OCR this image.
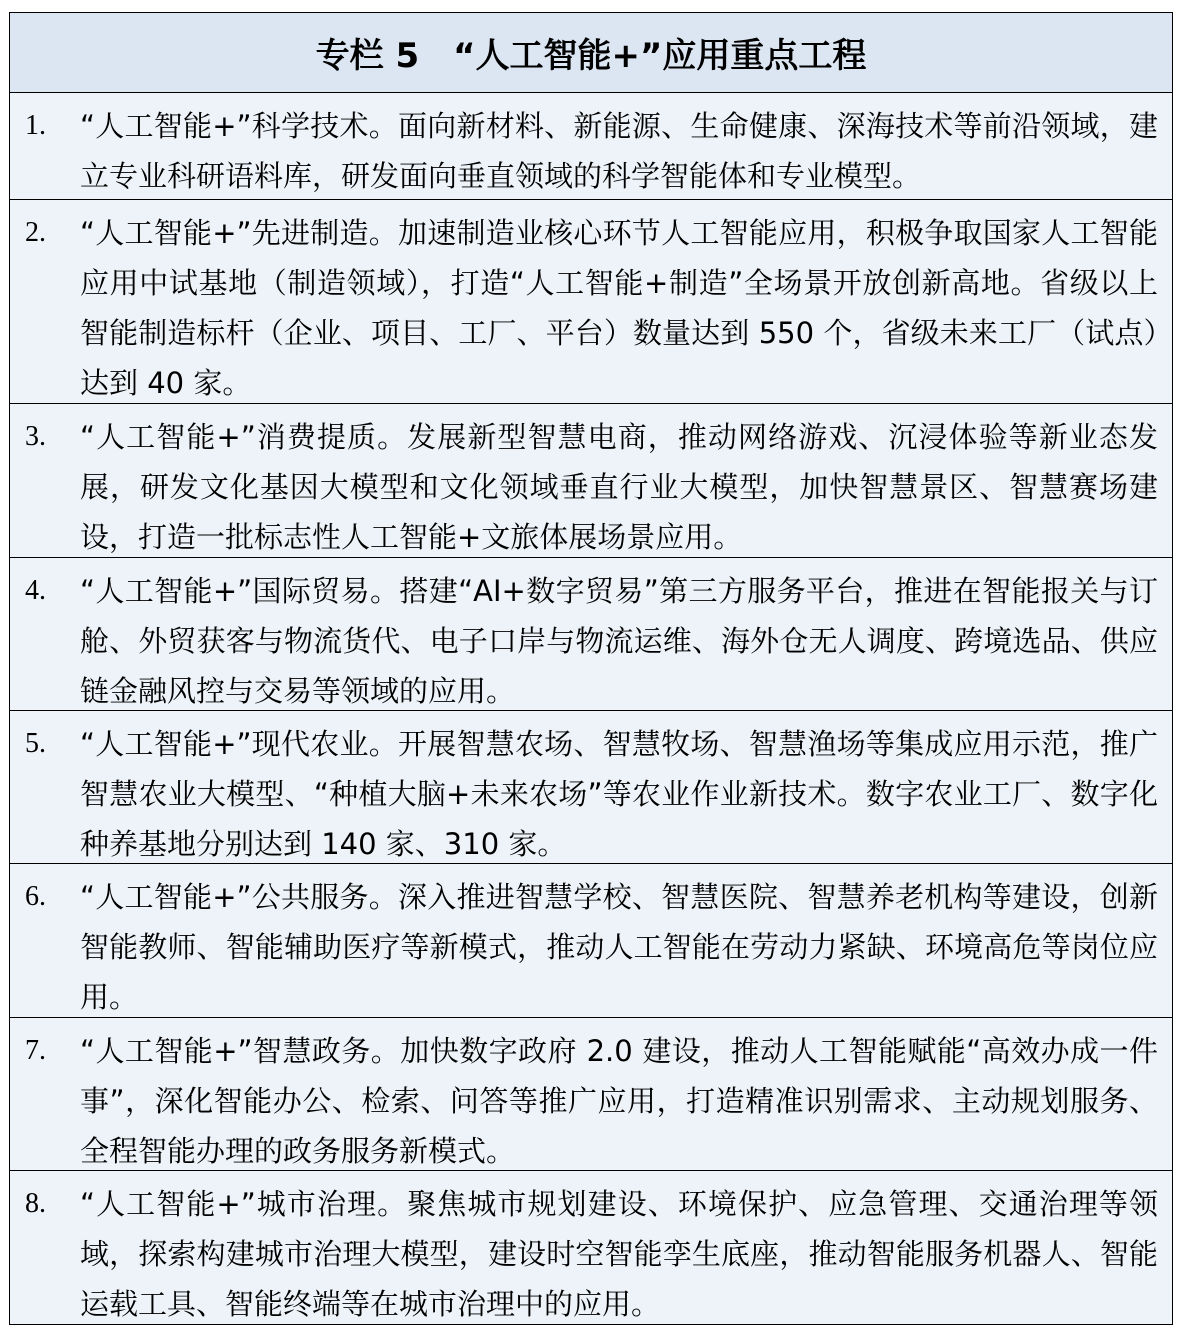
专栏 5　“人工智能+”应用重点工程
1. “人工智能+”科学技术。面向新材料、新能源、生命健康、深海技术等前沿领域，建立专业科研语料库，研发面向垂直领域的科学智能体和专业模型。
2. “人工智能+”先进制造。加速制造业核心环节人工智能应用，积极争取国家人工智能应用中试基地（制造领域），打造“人工智能+制造”全场景开放创新高地。省级以上智能制造标杆（企业、项目、工厂、平台）数量达到 550 个，省级未来工厂（试点）达到 40 家。
3. “人工智能+”消费提质。发展新型智慧电商，推动网络游戏、沉浸体验等新业态发展，研发文化基因大模型和文化领域垂直行业大模型，加快智慧景区、智慧赛场建设，打造一批标志性人工智能+文旅体展场景应用。
4. “人工智能+”国际贸易。搭建“AI+数字贸易”第三方服务平台，推进在智能报关与订舱、外贸获客与物流货代、电子口岸与物流运维、海外仓无人调度、跨境选品、供应链金融风控与交易等领域的应用。
5. “人工智能+”现代农业。开展智慧农场、智慧牧场、智慧渔场等集成应用示范，推广智慧农业大模型、“种植大脑+未来农场”等农业作业新技术。数字农业工厂、数字化种养基地分别达到 140 家、310 家。
6. “人工智能+”公共服务。深入推进智慧学校、智慧医院、智慧养老机构等建设，创新智能教师、智能辅助医疗等新模式，推动人工智能在劳动力紧缺、环境高危等岗位应用。
7. “人工智能+”智慧政务。加快数字政府 2.0 建设，推动人工智能赋能“高效办成一件事”，深化智能办公、检索、问答等推广应用，打造精准识别需求、主动规划服务、全程智能办理的政务服务新模式。
8. “人工智能+”城市治理。聚焦城市规划建设、环境保护、应急管理、交通治理等领域，探索构建城市治理大模型，建设时空智能孪生底座，推动智能服务机器人、智能运载工具、智能终端等在城市治理中的应用。
